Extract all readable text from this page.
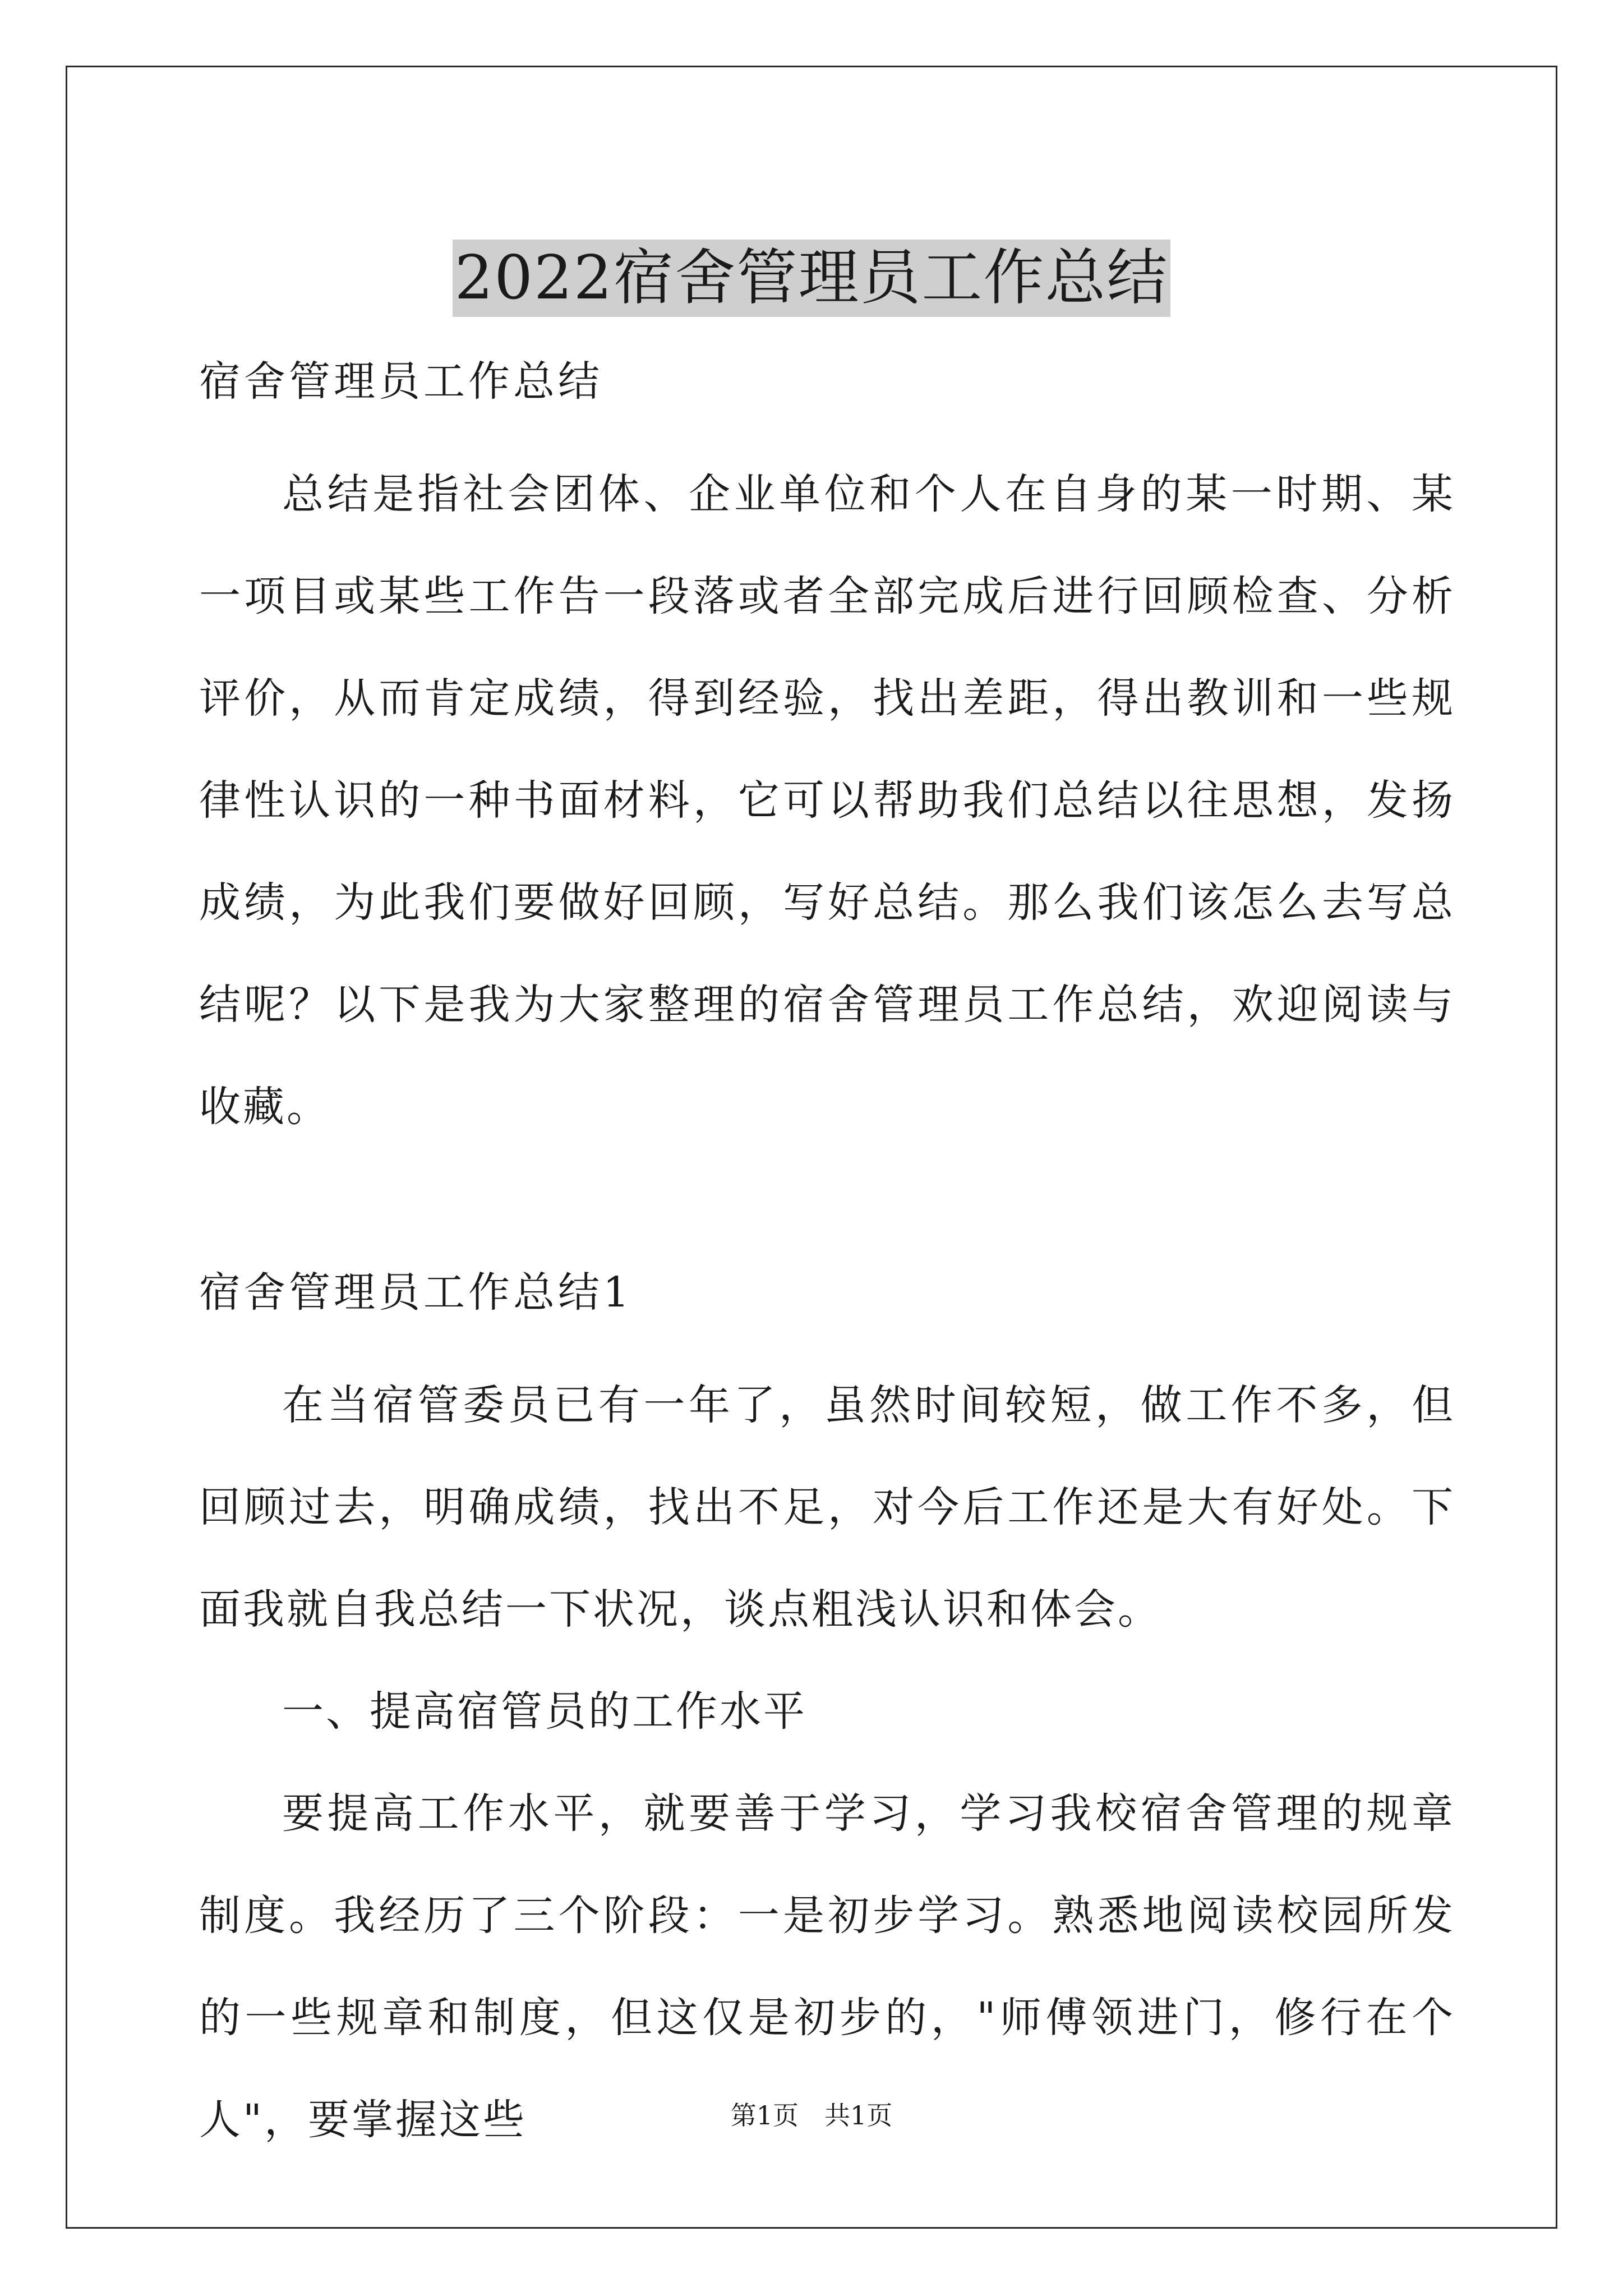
2022宿舍管理员工作总结

宿舍管理员工作总结

总结是指社会团体、企业单位和个人在自身的某一时期、某一项目或某些工作告一段落或者全部完成后进行回顾检查、分析评价，从而肯定成绩，得到经验，找出差距，得出教训和一些规律性认识的一种书面材料，它可以帮助我们总结以往思想，发扬成绩，为此我们要做好回顾，写好总结。那么我们该怎么去写总结呢？以下是我为大家整理的宿舍管理员工作总结，欢迎阅读与收藏。

宿舍管理员工作总结1

在当宿管委员已有一年了，虽然时间较短，做工作不多，但回顾过去，明确成绩，找出不足，对今后工作还是大有好处。下面我就自我总结一下状况，谈点粗浅认识和体会。

一、提高宿管员的工作水平

要提高工作水平，就要善于学习，学习我校宿舍管理的规章制度。我经历了三个阶段：一是初步学习。熟悉地阅读校园所发的一些规章和制度，但这仅是初步的，"师傅领进门，修行在个人"，要掌握这些	第1页　共1页
